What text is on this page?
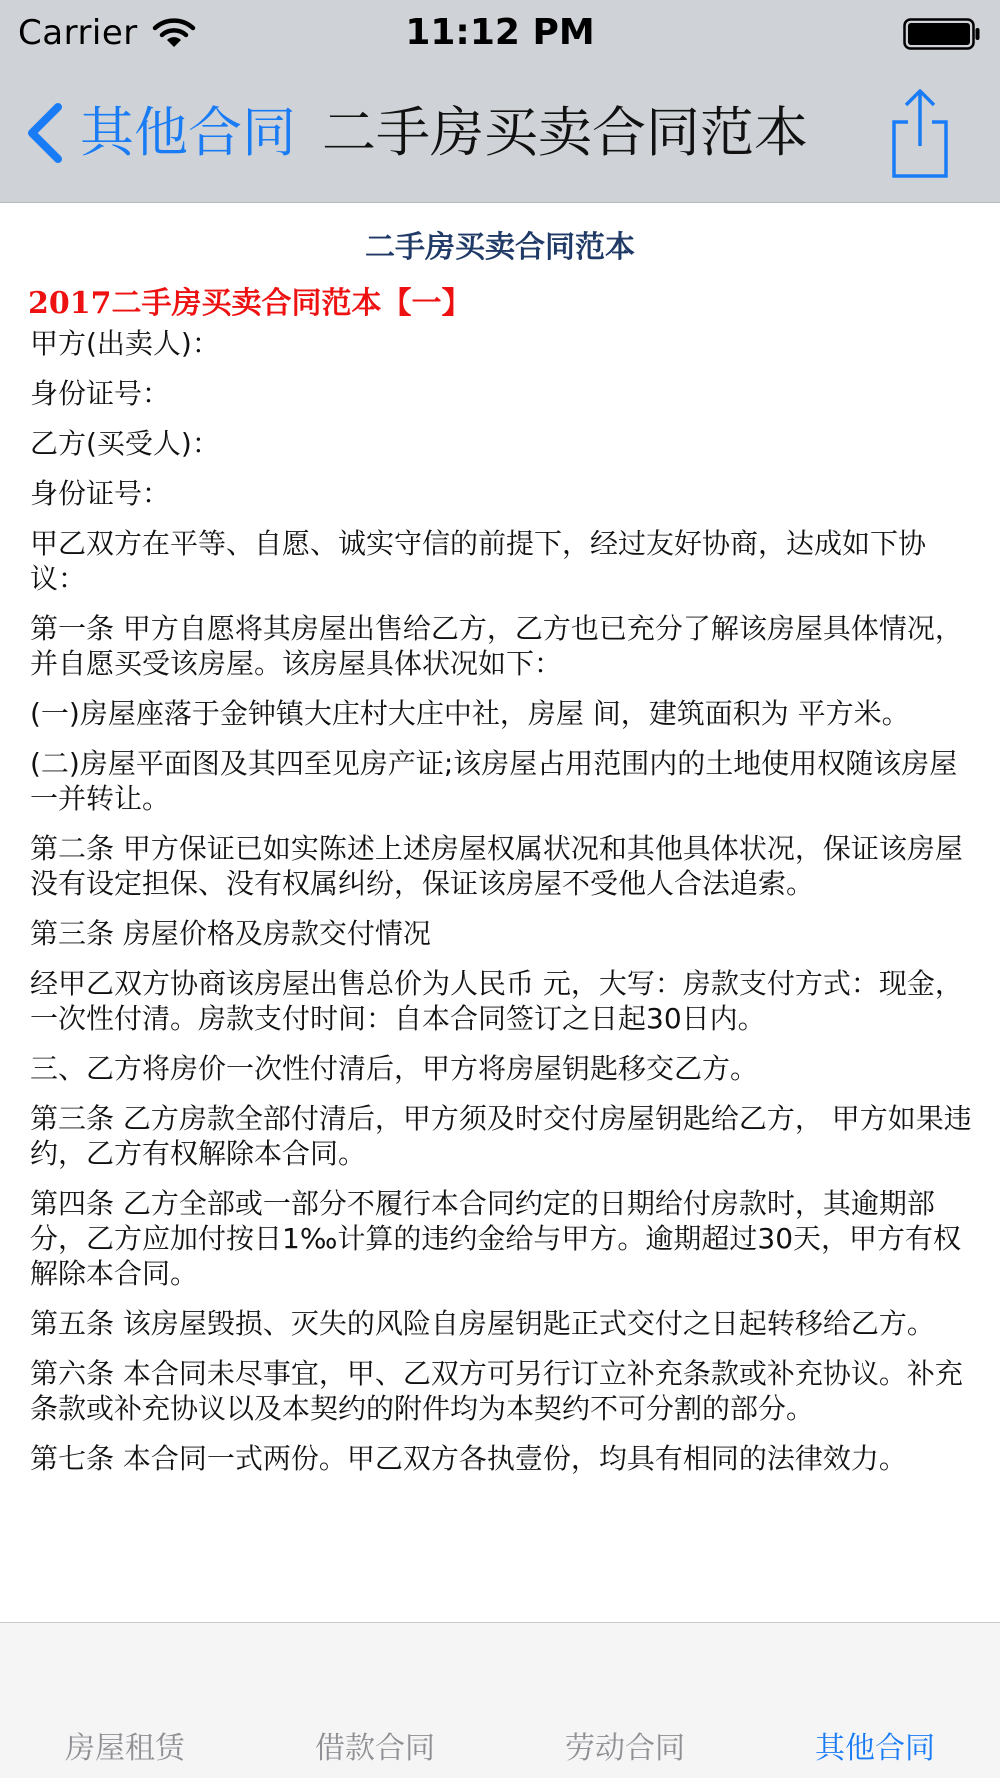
Carrier	11:12 PM
其他合同 二手房买卖合同范本
二手房买卖合同范本
2017二手房买卖合同范本【一】

甲方(出卖人)：

身份证号：

乙方(买受人)：

身份证号：

甲乙双方在平等、自愿、诚实守信的前提下，经过友好协商，达成如下协议：

第一条 甲方自愿将其房屋出售给乙方，乙方也已充分了解该房屋具体情况，并自愿买受该房屋。该房屋具体状况如下：

(一)房屋座落于金钟镇大庄村大庄中社，房屋 间，建筑面积为 平方米。

(二)房屋平面图及其四至见房产证;该房屋占用范围内的土地使用权随该房屋一并转让。

第二条 甲方保证已如实陈述上述房屋权属状况和其他具体状况，保证该房屋没有设定担保、没有权属纠纷，保证该房屋不受他人合法追索。

第三条 房屋价格及房款交付情况

经甲乙双方协商该房屋出售总价为人民币 元，大写：房款支付方式：现金，一次性付清。房款支付时间：自本合同签订之日起30日内。

三、乙方将房价一次性付清后，甲方将房屋钥匙移交乙方。

第三条 乙方房款全部付清后，甲方须及时交付房屋钥匙给乙方， 甲方如果违约，乙方有权解除本合同。

第四条 乙方全部或一部分不履行本合同约定的日期给付房款时，其逾期部分，乙方应加付按日1‰计算的违约金给与甲方。逾期超过30天，甲方有权解除本合同。

第五条 该房屋毁损、灭失的风险自房屋钥匙正式交付之日起转移给乙方。

第六条 本合同未尽事宜，甲、乙双方可另行订立补充条款或补充协议。补充条款或补充协议以及本契约的附件均为本契约不可分割的部分。

第七条 本合同一式两份。甲乙双方各执壹份，均具有相同的法律效力。

房屋租赁	借款合同	劳动合同	其他合同
